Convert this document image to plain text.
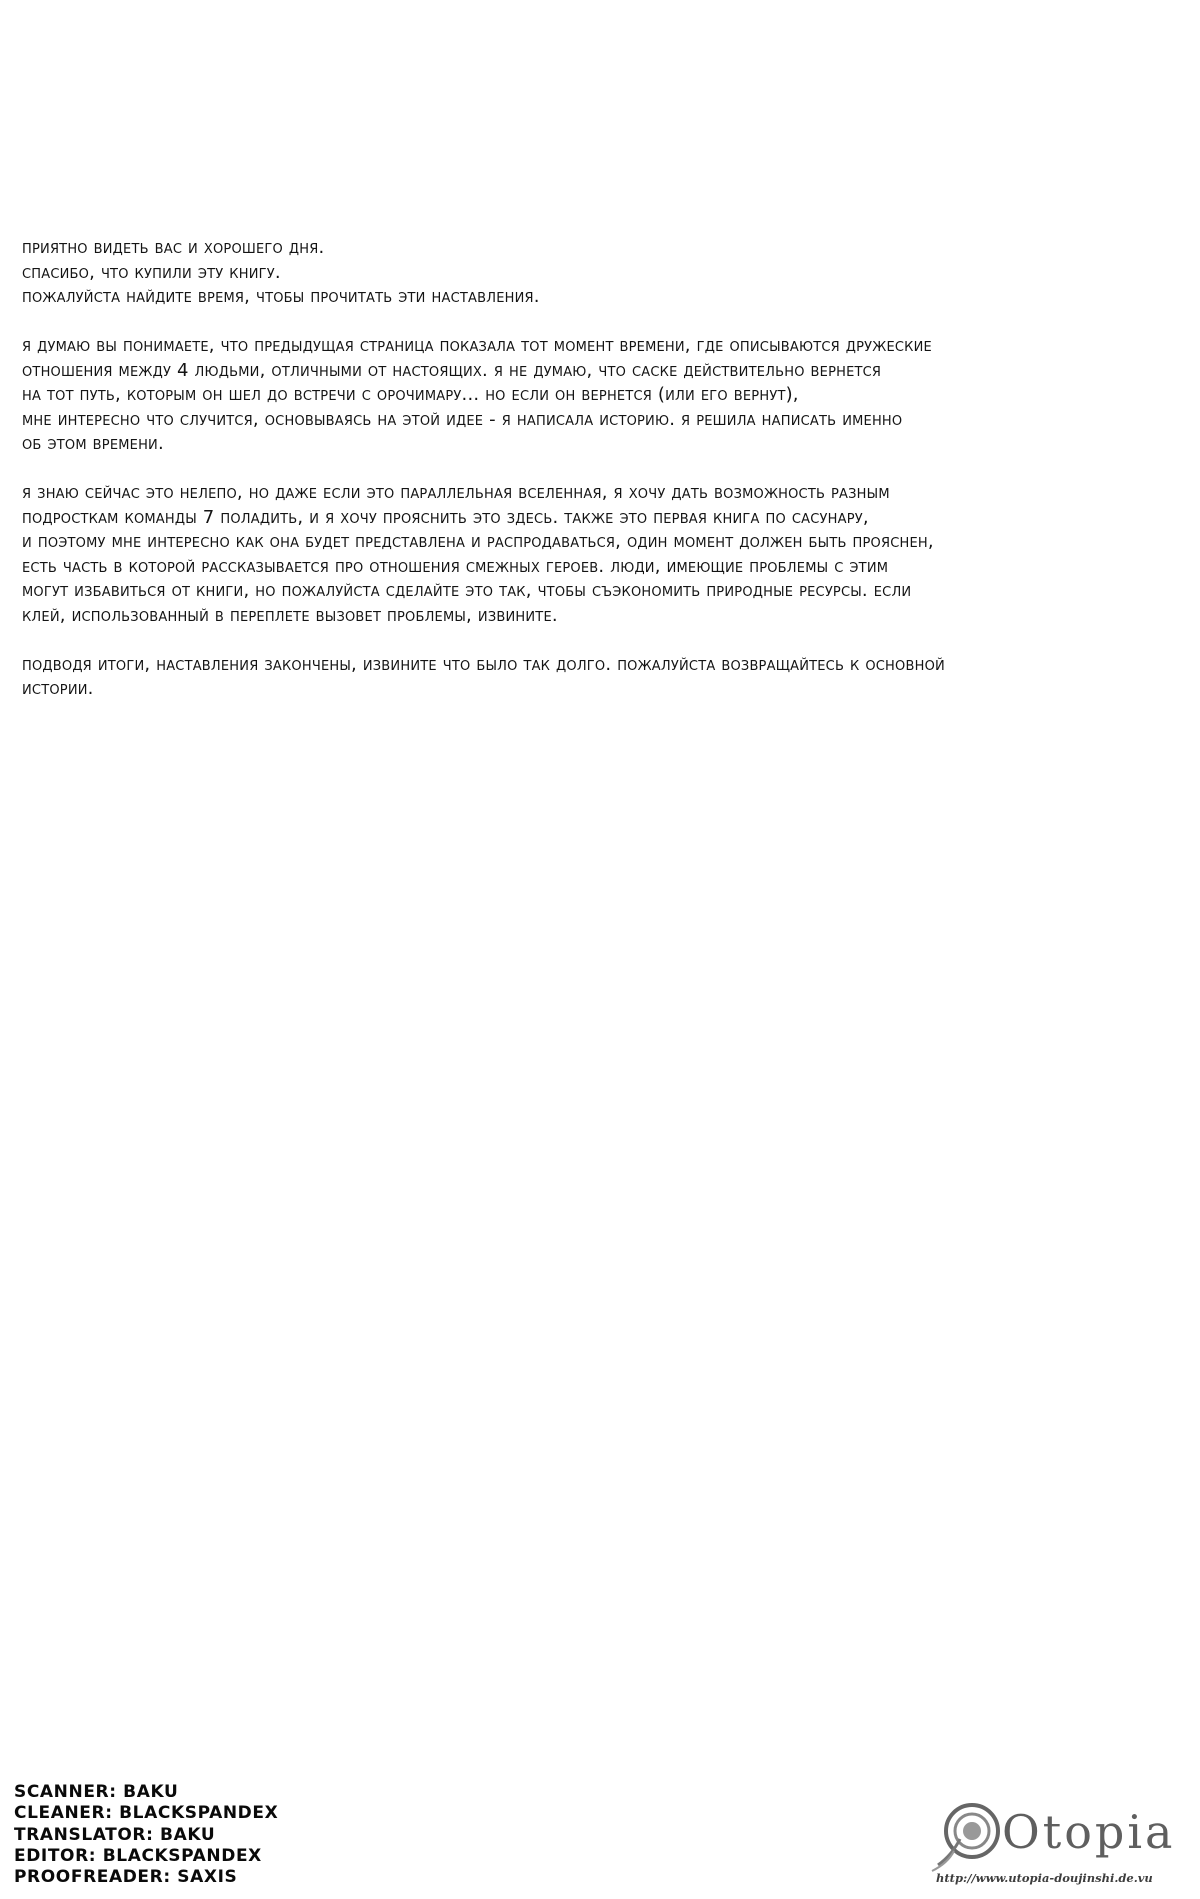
приятно видеть вас и хорошего дня.
спасибо, что купили эту книгу.
пожалуйста найдите время, чтобы прочитать эти наставления.
я думаю вы понимаете, что предыдущая страница показала тот момент времени, где описываются дружеские
отношения между 4 людьми, отличными от настоящих. я не думаю, что саске действительно вернется
на тот путь, которым он шел до встречи с орочимару... но если он вернется (или его вернут),
мне интересно что случится, основываясь на этой идее - я написала историю. я решила написать именно
об этом времени.
я знаю сейчас это нелепо, но даже если это параллельная вселенная, я хочу дать возможность разным
подросткам команды 7 поладить, и я хочу прояснить это здесь. также это первая книга по сасунару,
и поэтому мне интересно как она будет представлена и распродаваться, один момент должен быть прояснен,
есть часть в которой рассказывается про отношения смежных героев. люди, имеющие проблемы с этим
могут избавиться от книги, но пожалуйста сделайте это так, чтобы съэкономить природные ресурсы. если
клей, использованный в переплете вызовет проблемы, извините.
подводя итоги, наставления закончены, извините что было так долго. пожалуйста возвращайтесь к основной
истории.
SCANNER: BAKU
CLEANER: BLACKSPANDEX
TRANSLATOR: BAKU
EDITOR: BLACKSPANDEX
PROOFREADER: SAXIS
Otopia
http://www.utopia-doujinshi.de.vu
